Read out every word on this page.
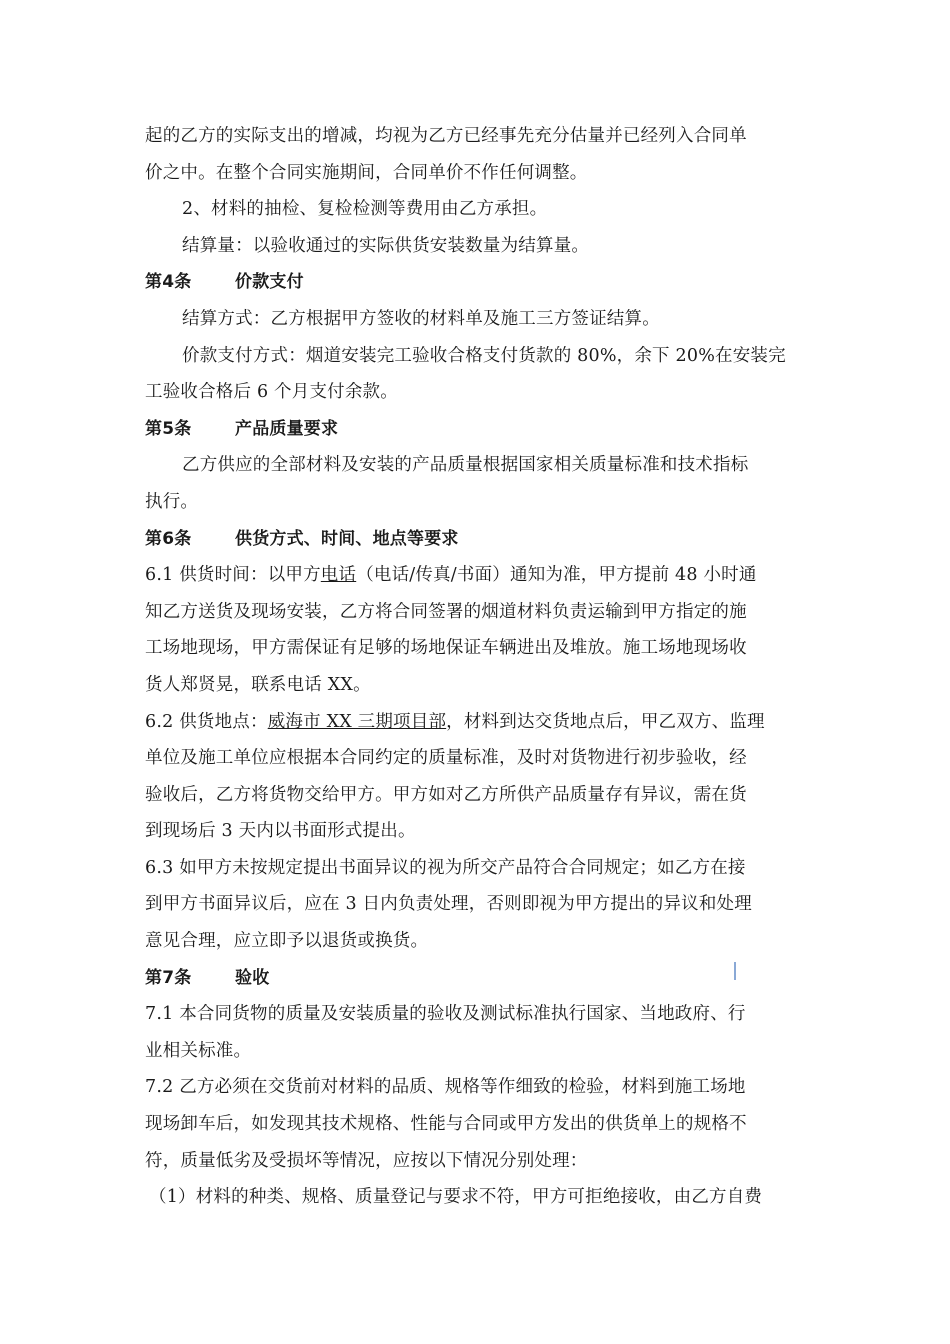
起的乙方的实际支出的增减，均视为乙方已经事先充分估量并已经列入合同单
价之中。在整个合同实施期间，合同单价不作任何调整。
2、材料的抽检、复检检测等费用由乙方承担。
结算量：以验收通过的实际供货安装数量为结算量。
第4条	价款支付
结算方式：乙方根据甲方签收的材料单及施工三方签证结算。
价款支付方式：烟道安装完工验收合格支付货款的 80%，余下 20%在安装完
工验收合格后 6 个月支付余款。
第5条	产品质量要求
乙方供应的全部材料及安装的产品质量根据国家相关质量标准和技术指标
执行。
第6条	供货方式、时间、地点等要求
6.1 供货时间：以甲方电话（电话/传真/书面）通知为准，甲方提前 48 小时通
知乙方送货及现场安装，乙方将合同签署的烟道材料负责运输到甲方指定的施
工场地现场，甲方需保证有足够的场地保证车辆进出及堆放。施工场地现场收
货人郑贤晃，联系电话 XX。
6.2 供货地点：威海市 XX 三期项目部，材料到达交货地点后，甲乙双方、监理
单位及施工单位应根据本合同约定的质量标准，及时对货物进行初步验收，经
验收后，乙方将货物交给甲方。甲方如对乙方所供产品质量存有异议，需在货
到现场后 3 天内以书面形式提出。
6.3 如甲方未按规定提出书面异议的视为所交产品符合合同规定；如乙方在接
到甲方书面异议后，应在 3 日内负责处理，否则即视为甲方提出的异议和处理
意见合理，应立即予以退货或换货。
第7条	验收
7.1 本合同货物的质量及安装质量的验收及测试标准执行国家、当地政府、行
业相关标准。
7.2 乙方必须在交货前对材料的品质、规格等作细致的检验，材料到施工场地
现场卸车后，如发现其技术规格、性能与合同或甲方发出的供货单上的规格不
符，质量低劣及受损坏等情况，应按以下情况分别处理：
（1）材料的种类、规格、质量登记与要求不符，甲方可拒绝接收，由乙方自费
